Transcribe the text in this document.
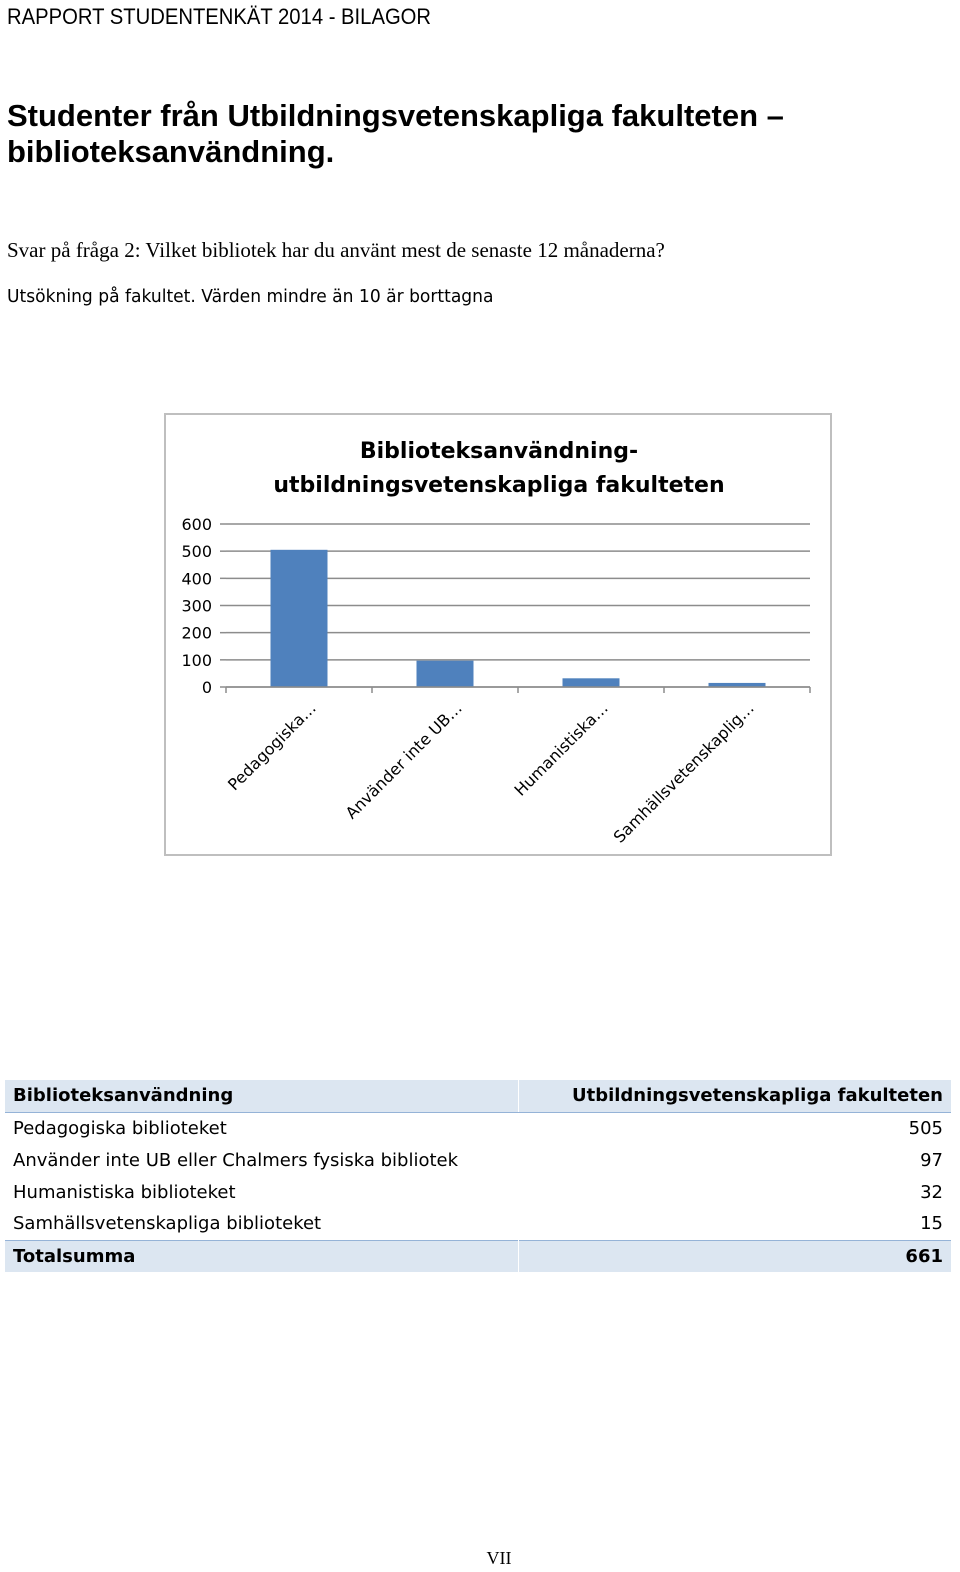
RAPPORT STUDENTENKÄT 2014 - BILAGOR
Studenter från Utbildningsvetenskapliga fakulteten –
biblioteksanvändning.
Svar på fråga 2: Vilket bibliotek har du använt mest de senaste 12 månaderna?
Utsökning på fakultet. Värden mindre än 10 är borttagna
Biblioteksanvändning-
utbildningsvetenskapliga fakulteten
0
100
200
300
400
500
600
Pedagogiska… Använder inte UB…	Humanistiska…
Samhällsvetenskaplig…
Biblioteksanvändning	Utbildningsvetenskapliga fakulteten
Pedagogiska biblioteket	505
Använder inte UB eller Chalmers fysiska bibliotek	97
Humanistiska biblioteket	32
Samhällsvetenskapliga biblioteket	15
Totalsumma	661
VII
